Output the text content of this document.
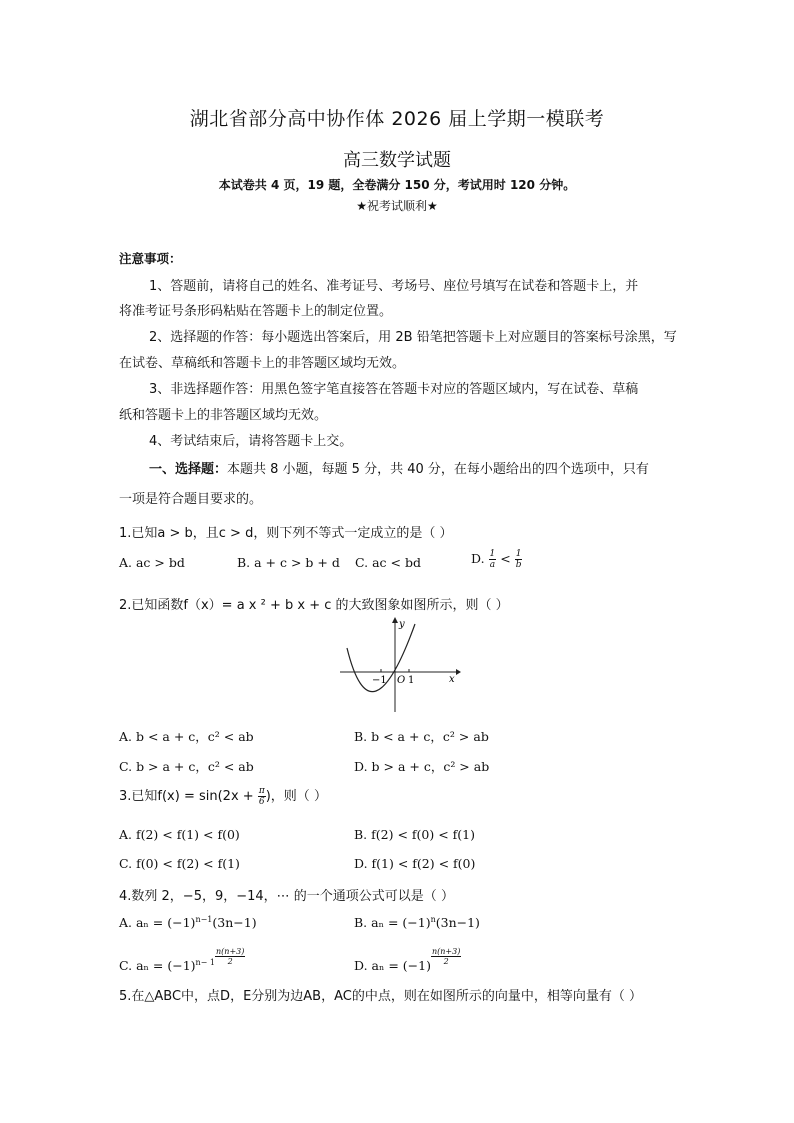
湖北省部分高中协作体 2026 届上学期一模联考
高三数学试题
本试卷共 4 页，19 题，全卷满分 150 分，考试用时 120 分钟。
★祝考试顺利★
注意事项：
1、答题前，请将自己的姓名、准考证号、考场号、座位号填写在试卷和答题卡上，并
将准考证号条形码粘贴在答题卡上的制定位置。
2、选择题的作答：每小题选出答案后，用 2B 铅笔把答题卡上对应题目的答案标号涂黑，写
在试卷、草稿纸和答题卡上的非答题区域均无效。
3、非选择题作答：用黑色签字笔直接答在答题卡对应的答题区域内，写在试卷、草稿
纸和答题卡上的非答题区域均无效。
4、考试结束后，请将答题卡上交。
一、选择题：本题共 8 小题，每题 5 分，共 40 分，在每小题给出的四个选项中，只有
一项是符合题目要求的。
1.已知a > b，且c > d，则下列不等式一定成立的是（ ）
A. ac > bd	B. a + c > b + d C. ac < bd	D. $\frac{1}{a} < \frac{1}{b}$
2.已知函数f（x）= a x ² + b x + c 的大致图象如图所示，则（ ）
y
x
−1 O 1
A. b < a + c，c² < ab	B. b < a + c，c² > ab
C. b > a + c，c² < ab	D. b > a + c，c² > ab
3.已知$f(x) = \sin(2x + \frac{\pi}{6}$ )，则（ ）
A. f(2) < f(1) < f(0)	B. f(2) < f(0) < f(1)
C. f(0) < f(2) < f(1)	D. f(1) < f(2) < f(0)
4.数列 2，−5，9，−14，⋯ 的一个通项公式可以是（ ）
A. $a_n = (-1)^{n-1}(3n-1)$	B. $a_n = (-1)^n(3n-1)$
C. $a_n = (-1)^{n- 1} \frac{n(n+3)}{2}$	D. $a_n = (-1) \frac{n(n+3)}{2}$
5.在△ABC中，点D，E分别为边AB，AC的中点，则在如图所示的向量中，相等向量有（ ）
